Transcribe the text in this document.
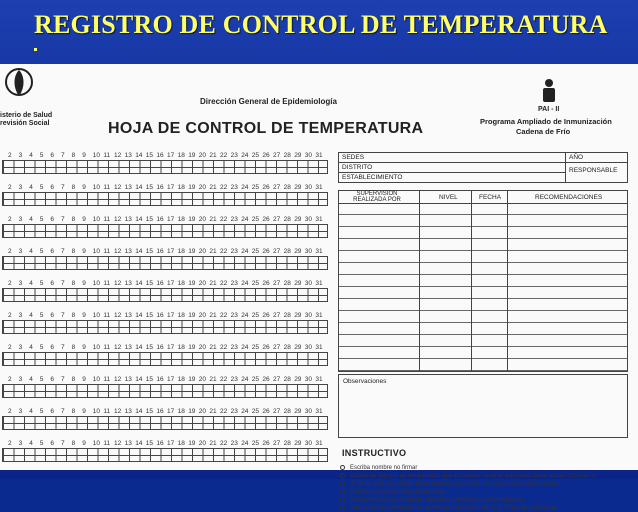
REGISTRO DE CONTROL DE TEMPERATURA
isterio de Salud
revisión Social
Dirección General de Epidemiología
HOJA DE CONTROL DE TEMPERATURA
PAI - II
Programa Ampliado de Inmunización
Cadena de Frío
2 3 4 5 6 7 8 9 10 11 12 13 14 15 16 17 18 19 20 21 22 23 24 25 26 27 28 29 30 31
2 3 4 5 6 7 8 9 10 11 12 13 14 15 16 17 18 19 20 21 22 23 24 25 26 27 28 29 30 31
2 3 4 5 6 7 8 9 10 11 12 13 14 15 16 17 18 19 20 21 22 23 24 25 26 27 28 29 30 31
2 3 4 5 6 7 8 9 10 11 12 13 14 15 16 17 18 19 20 21 22 23 24 25 26 27 28 29 30 31
2 3 4 5 6 7 8 9 10 11 12 13 14 15 16 17 18 19 20 21 22 23 24 25 26 27 28 29 30 31
2 3 4 5 6 7 8 9 10 11 12 13 14 15 16 17 18 19 20 21 22 23 24 25 26 27 28 29 30 31
2 3 4 5 6 7 8 9 10 11 12 13 14 15 16 17 18 19 20 21 22 23 24 25 26 27 28 29 30 31
2 3 4 5 6 7 8 9 10 11 12 13 14 15 16 17 18 19 20 21 22 23 24 25 26 27 28 29 30 31
2 3 4 5 6 7 8 9 10 11 12 13 14 15 16 17 18 19 20 21 22 23 24 25 26 27 28 29 30 31
2 3 4 5 6 7 8 9 10 11 12 13 14 15 16 17 18 19 20 21 22 23 24 25 26 27 28 29 30 31
SEDES	AÑO
DISTRITO	RESPONSABLE

ESTABLECIMIENTO	
SUPERVISION REALIZADA POR	NIVEL	FECHA	RECOMENDACIONES
Observaciones
INSTRUCTIVO
Escriba nombre no firmar
Casilla de registro de temperatura que encuentre vacía el supervisor debe tachar con una "x"
Al fin de año este afiche debe incluirse en el informe anual del establecimiento.
Registre la temperatura diariamente
Cualquier falla en el equipo, repórtela y anótela en observaciones
Ante cualquier alteración en la temperatura fuera de +2 y +8 grado proteja las
